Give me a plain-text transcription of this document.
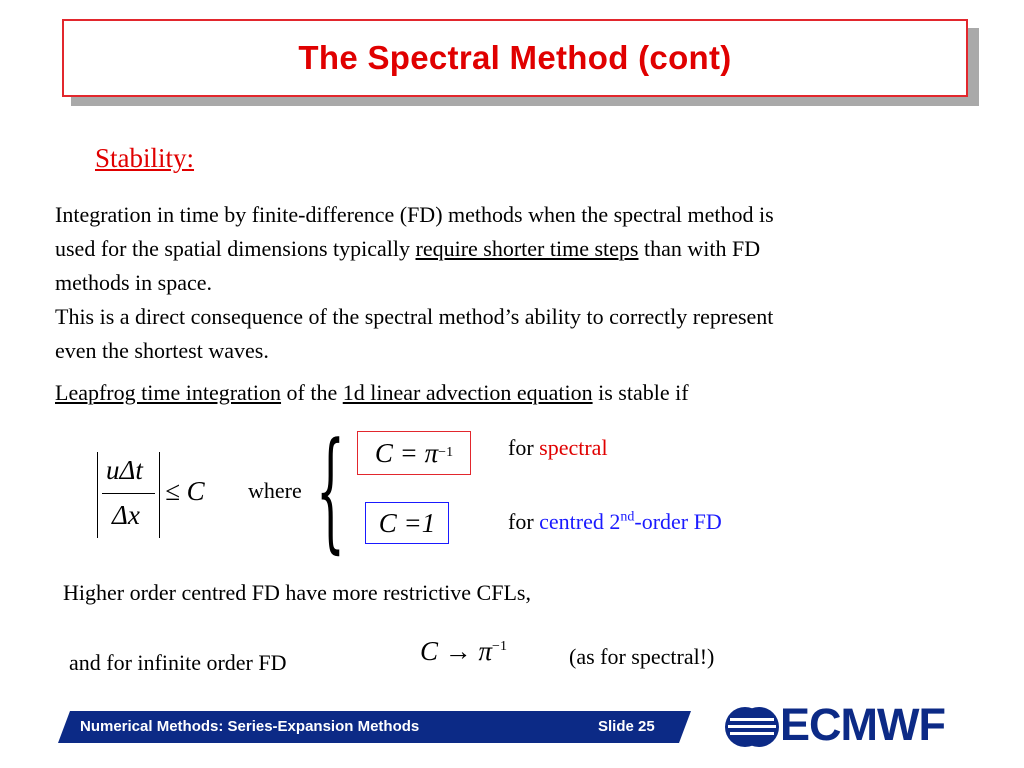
The Spectral Method (cont)
Stability:
Integration in time by finite-difference (FD) methods when the spectral method is
used for the spatial dimensions typically require shorter time steps than with FD
methods in space.
This is a direct consequence of the spectral method’s ability to correctly represent
even the shortest waves.
Leapfrog time integration of the 1d linear advection equation is stable if
uΔt
Δx
≤ C where { C = π −1
C =1
for spectral
for centred 2nd-order FD
Higher order centred FD have more restrictive CFLs,
and for infinite order FD	$C \to \pi^{-1}$	(as for spectral!)
Numerical Methods: Series-Expansion Methods	Slide 25	ECMWF
